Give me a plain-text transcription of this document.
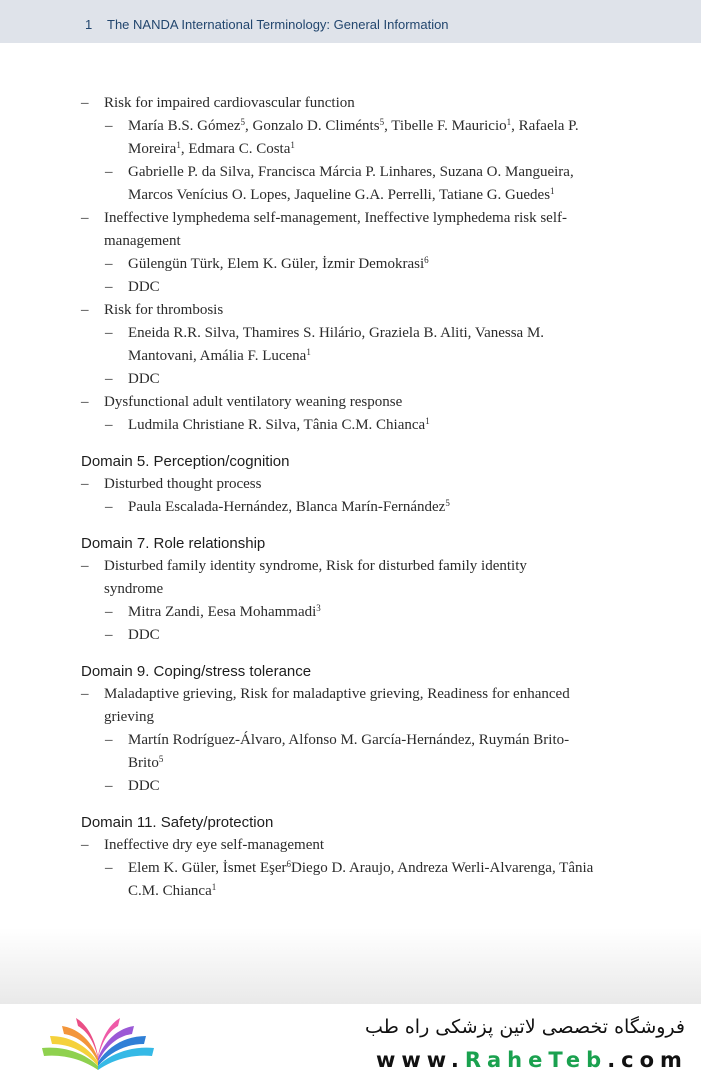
1 The NANDA International Terminology: General Information
– Risk for impaired cardiovascular function
– María B.S. Gómez$^5$, Gonzalo D. Climénts$^5$, Tibelle F. Mauricio$^1$, Rafaela P. Moreira$^1$, Edmara C. Costa$^1$
– Gabrielle P. da Silva, Francisca Márcia P. Linhares, Suzana O. Mangueira, Marcos Venícius O. Lopes, Jaqueline G.A. Perrelli, Tatiane G. Guedes$^1$
– Ineffective lymphedema self-management, Ineffective lymphedema risk self-management
– Gülengün Türk, Elem K. Güler, İzmir Demokrasi$^6$
– DDC
– Risk for thrombosis
– Eneida R.R. Silva, Thamires S. Hilário, Graziela B. Aliti, Vanessa M. Mantovani, Amália F. Lucena$^1$
– DDC
– Dysfunctional adult ventilatory weaning response
– Ludmila Christiane R. Silva, Tânia C.M. Chianca$^1$
Domain 5. Perception/cognition
– Disturbed thought process
– Paula Escalada-Hernández, Blanca Marín-Fernández$^5$
Domain 7. Role relationship
– Disturbed family identity syndrome, Risk for disturbed family identity syndrome
– Mitra Zandi, Eesa Mohammadi$^3$
– DDC
Domain 9. Coping/stress tolerance
– Maladaptive grieving, Risk for maladaptive grieving, Readiness for enhanced grieving
– Martín Rodríguez-Álvaro, Alfonso M. García-Hernández, Ruymán Brito-Brito$^5$
– DDC
Domain 11. Safety/protection
– Ineffective dry eye self-management
– Elem K. Güler, İsmet Eşer$^6$Diego D. Araujo, Andreza Werli-Alvarenga, Tânia C.M. Chianca$^1$
فروشگاه تخصصی لاتین پزشکی راه طب
www.RaheTeb.com
